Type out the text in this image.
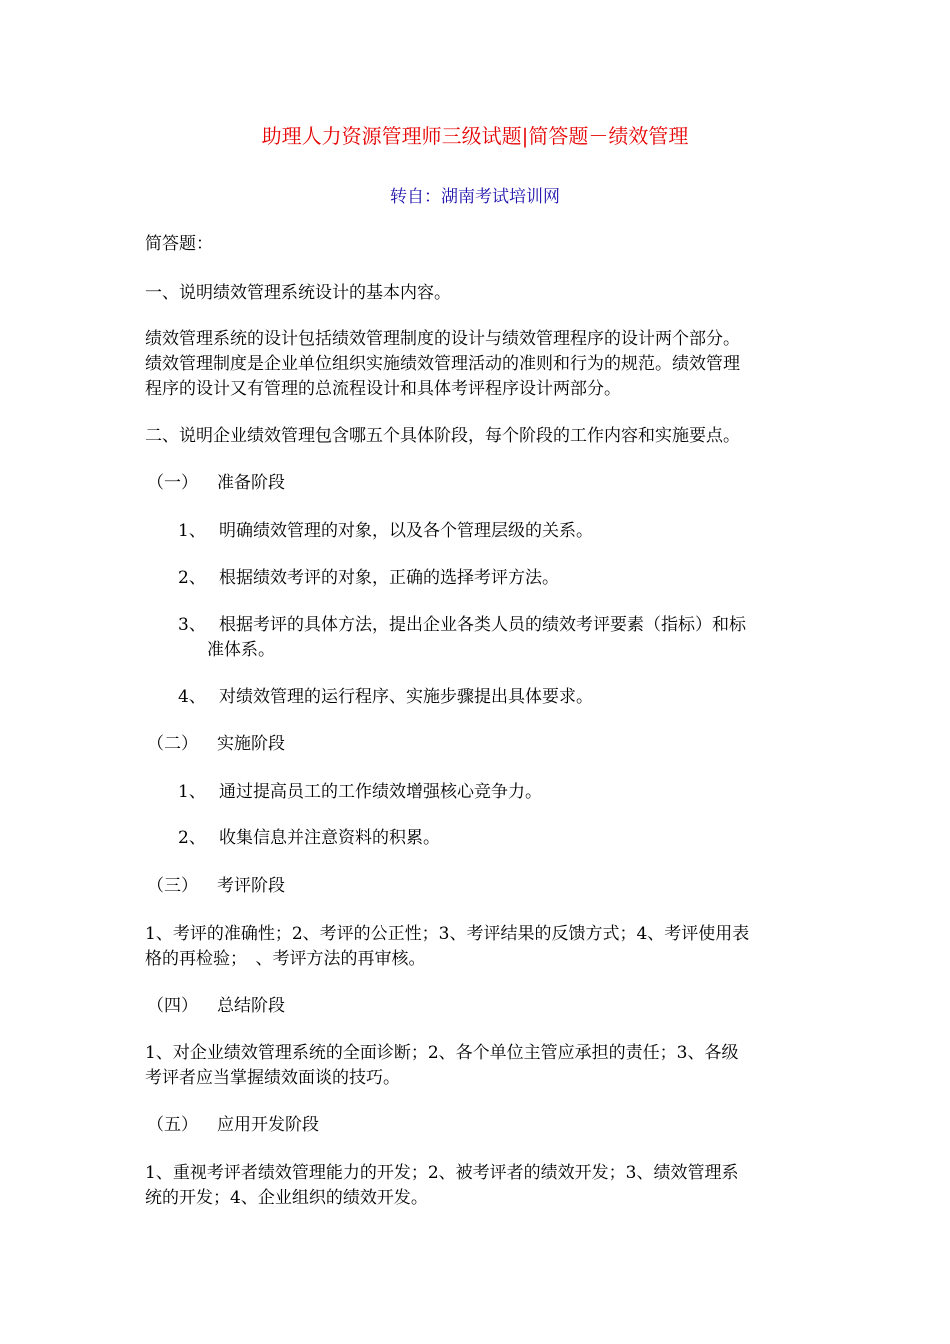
助理人力资源管理师三级试题|简答题－绩效管理
转自：湖南考试培训网
简答题：
一、说明绩效管理系统设计的基本内容。
绩效管理系统的设计包括绩效管理制度的设计与绩效管理程序的设计两个部分。
绩效管理制度是企业单位组织实施绩效管理活动的准则和行为的规范。绩效管理
程序的设计又有管理的总流程设计和具体考评程序设计两部分。
二、说明企业绩效管理包含哪五个具体阶段，每个阶段的工作内容和实施要点。
（一） 准备阶段
1、 明确绩效管理的对象，以及各个管理层级的关系。
2、 根据绩效考评的对象，正确的选择考评方法。
3、 根据考评的具体方法，提出企业各类人员的绩效考评要素（指标）和标
准体系。
4、 对绩效管理的运行程序、实施步骤提出具体要求。
（二） 实施阶段
1、 通过提高员工的工作绩效增强核心竞争力。
2、 收集信息并注意资料的积累。
（三） 考评阶段
1、考评的准确性；2、考评的公正性；3、考评结果的反馈方式；4、考评使用表
格的再检验；　、考评方法的再审核。
（四） 总结阶段
1、对企业绩效管理系统的全面诊断；2、各个单位主管应承担的责任；3、各级
考评者应当掌握绩效面谈的技巧。
（五） 应用开发阶段
1、重视考评者绩效管理能力的开发；2、被考评者的绩效开发；3、绩效管理系
统的开发；4、企业组织的绩效开发。
